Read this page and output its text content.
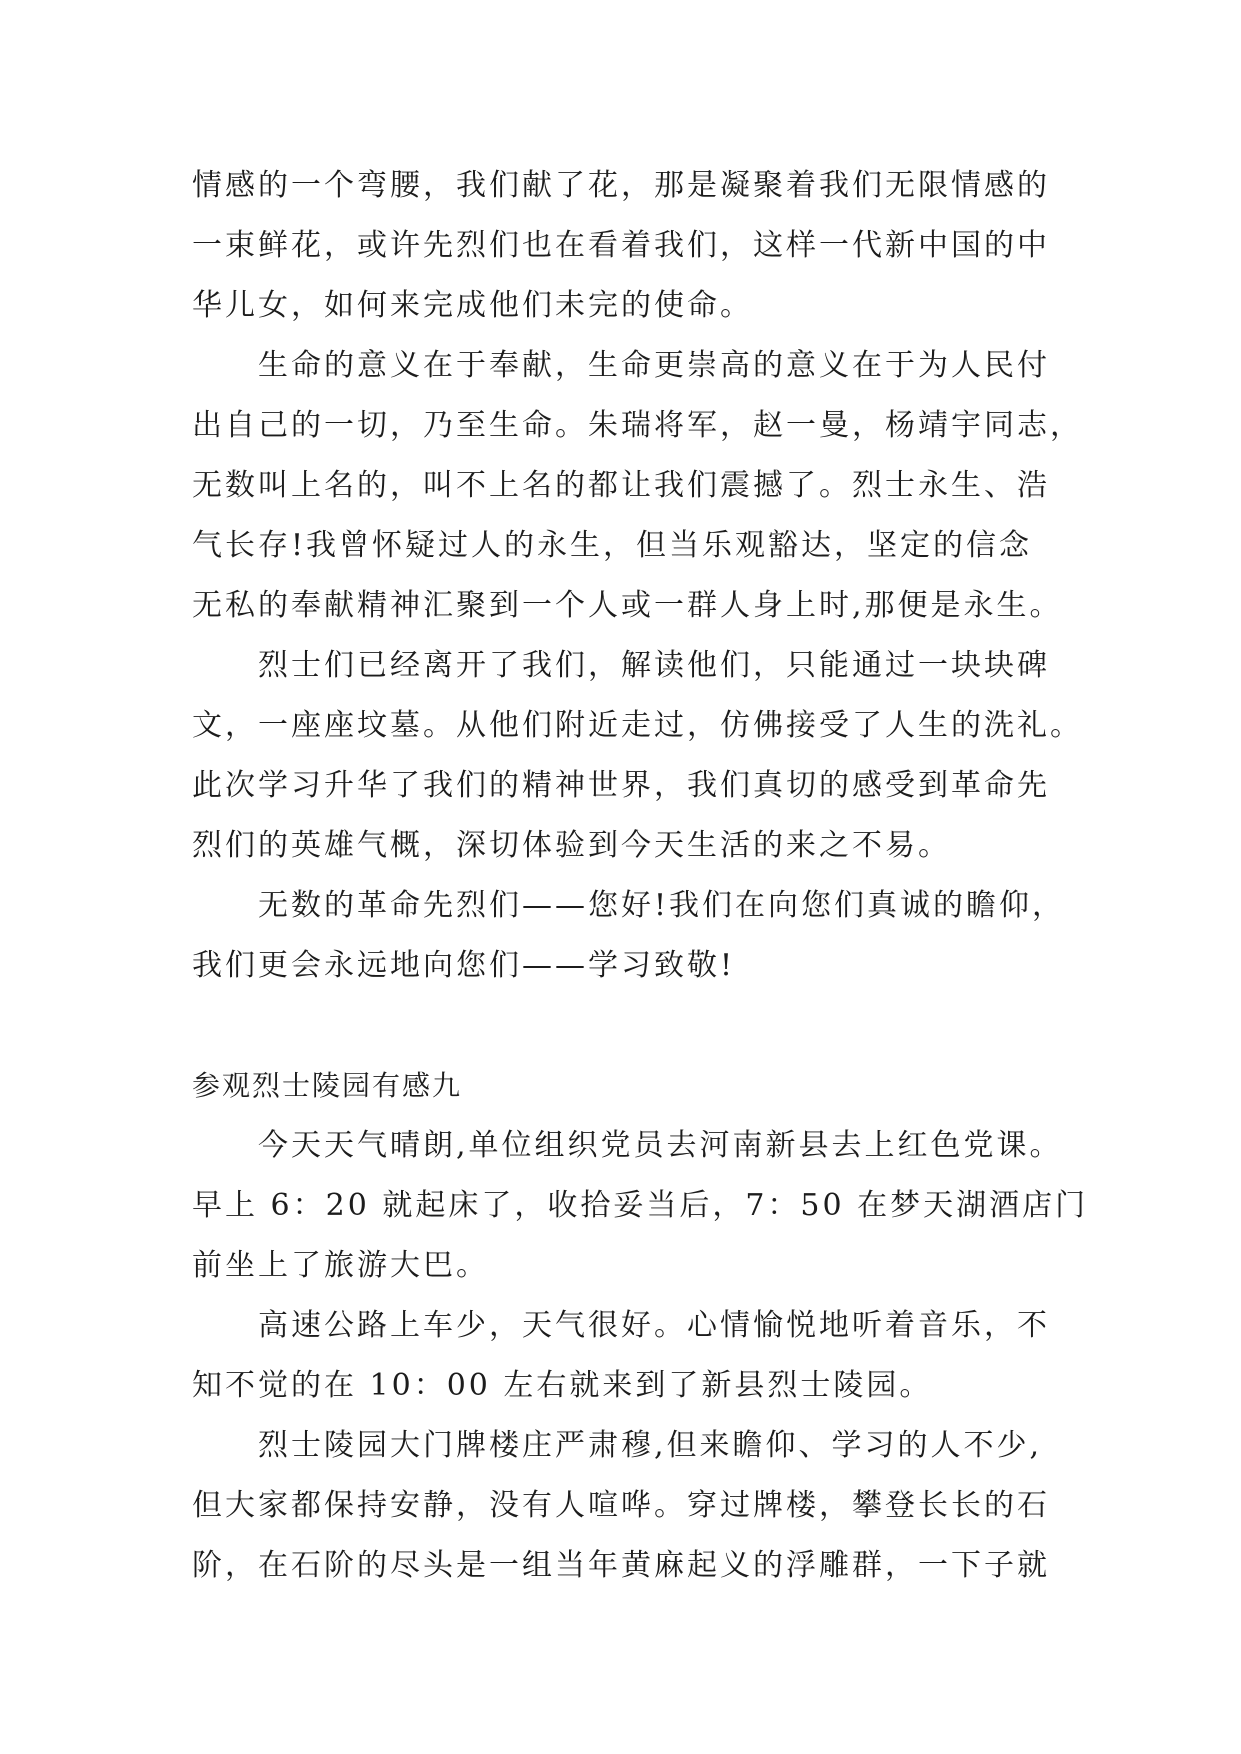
情感的一个弯腰，我们献了花，那是凝聚着我们无限情感的
一束鲜花，或许先烈们也在看着我们，这样一代新中国的中
华儿女，如何来完成他们未完的使命。
生命的意义在于奉献，生命更崇高的意义在于为人民付
出自己的一切，乃至生命。朱瑞将军，赵一曼，杨靖宇同志，
无数叫上名的，叫不上名的都让我们震撼了。烈士永生、浩
气长存!我曾怀疑过人的永生，但当乐观豁达，坚定的信念
无私的奉献精神汇聚到一个人或一群人身上时,那便是永生。
烈士们已经离开了我们，解读他们，只能通过一块块碑
文，一座座坟墓。从他们附近走过，仿佛接受了人生的洗礼。
此次学习升华了我们的精神世界，我们真切的感受到革命先
烈们的英雄气概，深切体验到今天生活的来之不易。
无数的革命先烈们——您好!我们在向您们真诚的瞻仰，
我们更会永远地向您们——学习致敬!
参观烈士陵园有感九
今天天气晴朗,单位组织党员去河南新县去上红色党课。
早上 6：20 就起床了，收拾妥当后，7：50 在梦天湖酒店门
前坐上了旅游大巴。
高速公路上车少，天气很好。心情愉悦地听着音乐，不
知不觉的在 10：00 左右就来到了新县烈士陵园。
烈士陵园大门牌楼庄严肃穆,但来瞻仰、学习的人不少,
但大家都保持安静，没有人喧哗。穿过牌楼，攀登长长的石
阶，在石阶的尽头是一组当年黄麻起义的浮雕群，一下子就
